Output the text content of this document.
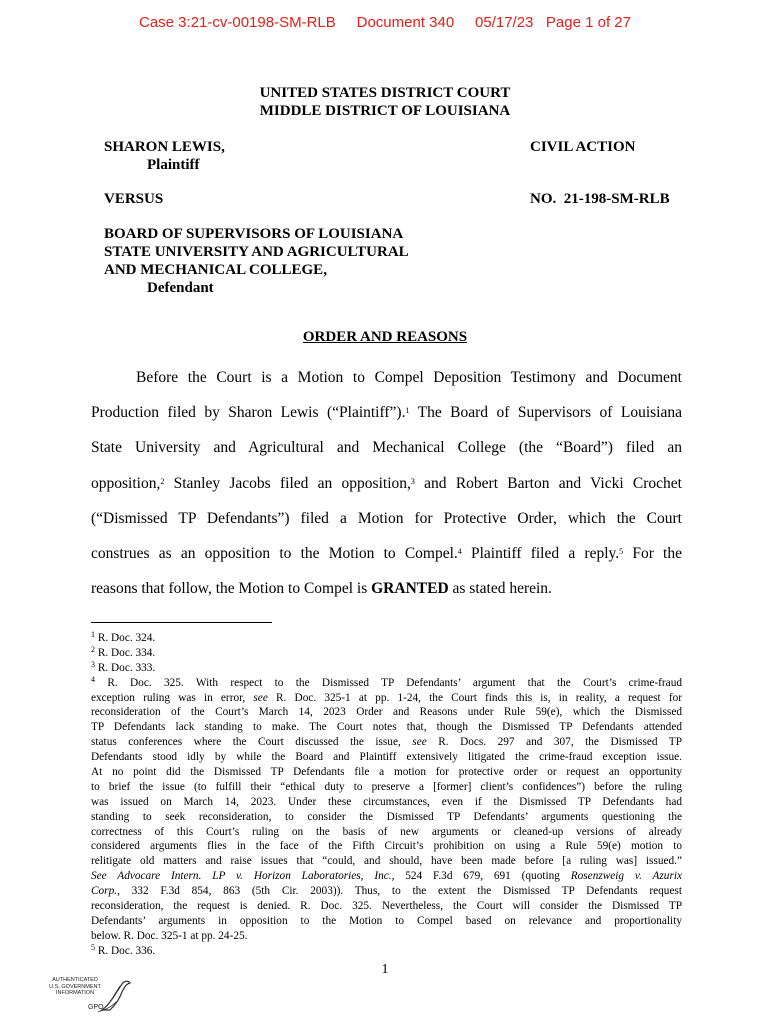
Case 3:21-cv-00198-SM-RLB Document 340 05/17/23 Page 1 of 27
UNITED STATES DISTRICT COURT
MIDDLE DISTRICT OF LOUISIANA
SHARON LEWIS,
Plaintiff
CIVIL ACTION
VERSUS	NO.  21-198-SM-RLB
BOARD OF SUPERVISORS OF LOUISIANA
STATE UNIVERSITY AND AGRICULTURAL
AND MECHANICAL COLLEGE,
Defendant
ORDER AND REASONS
Before the Court is a Motion to Compel Deposition Testimony and Document
Production filed by Sharon Lewis (“Plaintiff”).$^1$ The Board of Supervisors of Louisiana
State University and Agricultural and Mechanical College (the “Board”) filed an
opposition,$^2$ Stanley Jacobs filed an opposition,$^3$ and Robert Barton and Vicki Crochet
(“Dismissed TP Defendants”) filed a Motion for Protective Order, which the Court
construes as an opposition to the Motion to Compel.$^4$ Plaintiff filed a reply.$^5$ For the
reasons that follow, the Motion to Compel is GRANTED as stated herein.
$^1$ R. Doc. 324.
$^2$ R. Doc. 334.
$^3$ R. Doc. 333.
$^4$ R. Doc. 325. With respect to the Dismissed TP Defendants’ argument that the Court’s crime-fraud
exception ruling was in error, see R. Doc. 325-1 at pp. 1-24, the Court finds this is, in reality, a request for
reconsideration of the Court’s March 14, 2023 Order and Reasons under Rule 59(e), which the Dismissed
TP Defendants lack standing to make. The Court notes that, though the Dismissed TP Defendants attended
status conferences where the Court discussed the issue, see R. Docs. 297 and 307, the Dismissed TP
Defendants stood idly by while the Board and Plaintiff extensively litigated the crime-fraud exception issue.
At no point did the Dismissed TP Defendants file a motion for protective order or request an opportunity
to brief the issue (to fulfill their “ethical duty to preserve a [former] client’s confidences”) before the ruling
was issued on March 14, 2023. Under these circumstances, even if the Dismissed TP Defendants had
standing to seek reconsideration, to consider the Dismissed TP Defendants’ arguments questioning the
correctness of this Court’s ruling on the basis of new arguments or cleaned-up versions of already
considered arguments flies in the face of the Fifth Circuit’s prohibition on using a Rule 59(e) motion to
relitigate old matters and raise issues that “could, and should, have been made before [a ruling was] issued.”
See Advocare Intern. LP v. Horizon Laboratories, Inc., 524 F.3d 679, 691 (quoting Rosenzweig v. Azurix
Corp., 332 F.3d 854, 863 (5th Cir. 2003)). Thus, to the extent the Dismissed TP Defendants request
reconsideration, the request is denied. R. Doc. 325. Nevertheless, the Court will consider the Dismissed TP
Defendants’ arguments in opposition to the Motion to Compel based on relevance and proportionality
below. R. Doc. 325-1 at pp. 24-25.
$^5$ R. Doc. 336.
1
AUTHENTICATED
U.S. GOVERNMENT
INFORMATION
GPO
